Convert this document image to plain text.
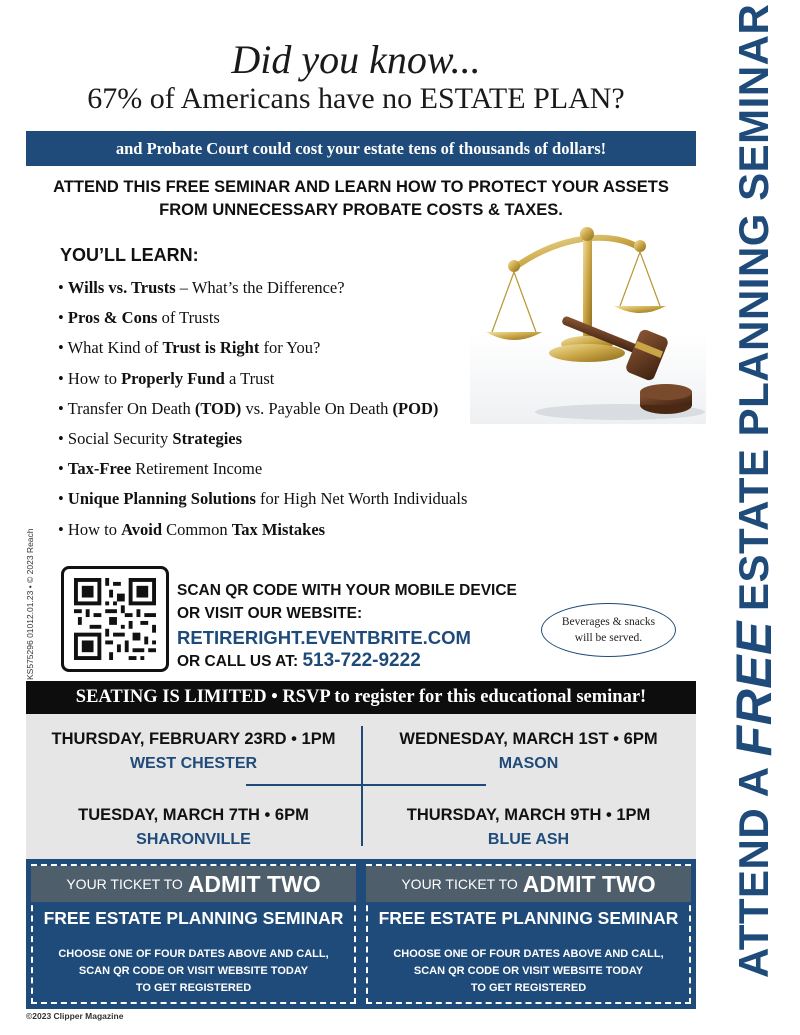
Did you know...
67% of Americans have no ESTATE PLAN?
and Probate Court could cost your estate tens of thousands of dollars!
ATTEND THIS FREE SEMINAR AND LEARN HOW TO PROTECT YOUR ASSETS
FROM UNNECESSARY PROBATE COSTS & TAXES.
YOU’LL LEARN:
• Wills vs. Trusts – What’s the Difference?
• Pros & Cons of Trusts
• What Kind of Trust is Right for You?
• How to Properly Fund a Trust
• Transfer On Death (TOD) vs. Payable On Death (POD)
• Social Security Strategies
• Tax-Free Retirement Income
• Unique Planning Solutions for High Net Worth Individuals
• How to Avoid Common Tax Mistakes
SCAN QR CODE WITH YOUR MOBILE DEVICE
OR VISIT OUR WEBSITE:
RETIRERIGHT.EVENTBRITE.COM
OR CALL US AT: 513-722-9222
Beverages & snacks
will be served.
KS575296 01012.01.23 • © 2023 Reach
SEATING IS LIMITED • RSVP to register for this educational seminar!
THURSDAY, FEBRUARY 23RD • 1PM
WEST CHESTER
WEDNESDAY, MARCH 1ST • 6PM
MASON
TUESDAY, MARCH 7TH • 6PM
SHARONVILLE
THURSDAY, MARCH 9TH • 1PM
BLUE ASH
YOUR TICKET TO ADMIT TWO
FREE ESTATE PLANNING SEMINAR
CHOOSE ONE OF FOUR DATES ABOVE AND CALL,
SCAN QR CODE OR VISIT WEBSITE TODAY
TO GET REGISTERED
YOUR TICKET TO ADMIT TWO
FREE ESTATE PLANNING SEMINAR
CHOOSE ONE OF FOUR DATES ABOVE AND CALL,
SCAN QR CODE OR VISIT WEBSITE TODAY
TO GET REGISTERED
©2023 Clipper Magazine
ATTEND A
FREE
ESTATE PLANNING SEMINAR
